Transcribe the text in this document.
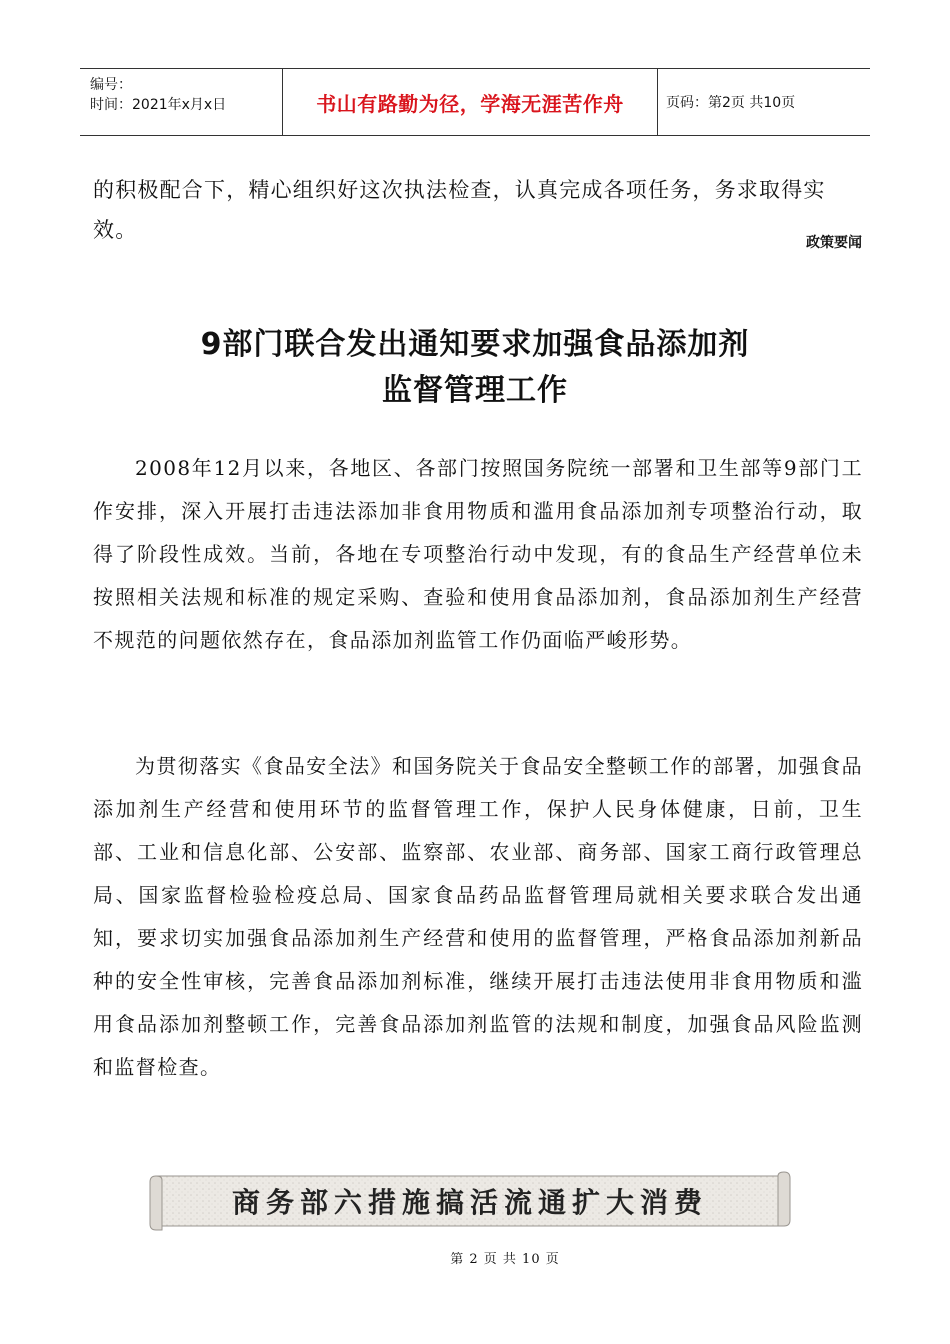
编号：
时间：2021年x月x日	书山有路勤为径，学海无涯苦作舟	页码：第2页 共10页

的积极配合下，精心组织好这次执法检查，认真完成各项任务，务求取得实效。

政策要闻
9部门联合发出通知要求加强食品添加剂
监督管理工作

2008年12月以来，各地区、各部门按照国务院统一部署和卫生部等9部门工作安排，深入开展打击违法添加非食用物质和滥用食品添加剂专项整治行动，取得了阶段性成效。当前，各地在专项整治行动中发现，有的食品生产经营单位未按照相关法规和标准的规定采购、查验和使用食品添加剂，食品添加剂生产经营不规范的问题依然存在，食品添加剂监管工作仍面临严峻形势。

为贯彻落实《食品安全法》和国务院关于食品安全整顿工作的部署，加强食品添加剂生产经营和使用环节的监督管理工作，保护人民身体健康，日前，卫生部、工业和信息化部、公安部、监察部、农业部、商务部、国家工商行政管理总局、国家监督检验检疫总局、国家食品药品监督管理局就相关要求联合发出通知，要求切实加强食品添加剂生产经营和使用的监督管理，严格食品添加剂新品种的安全性审核，完善食品添加剂标准，继续开展打击违法使用非食用物质和滥用食品添加剂整顿工作，完善食品添加剂监管的法规和制度，加强食品风险监测和监督检查。

商务部六措施搞活流通扩大消费
第 2 页 共 10 页
